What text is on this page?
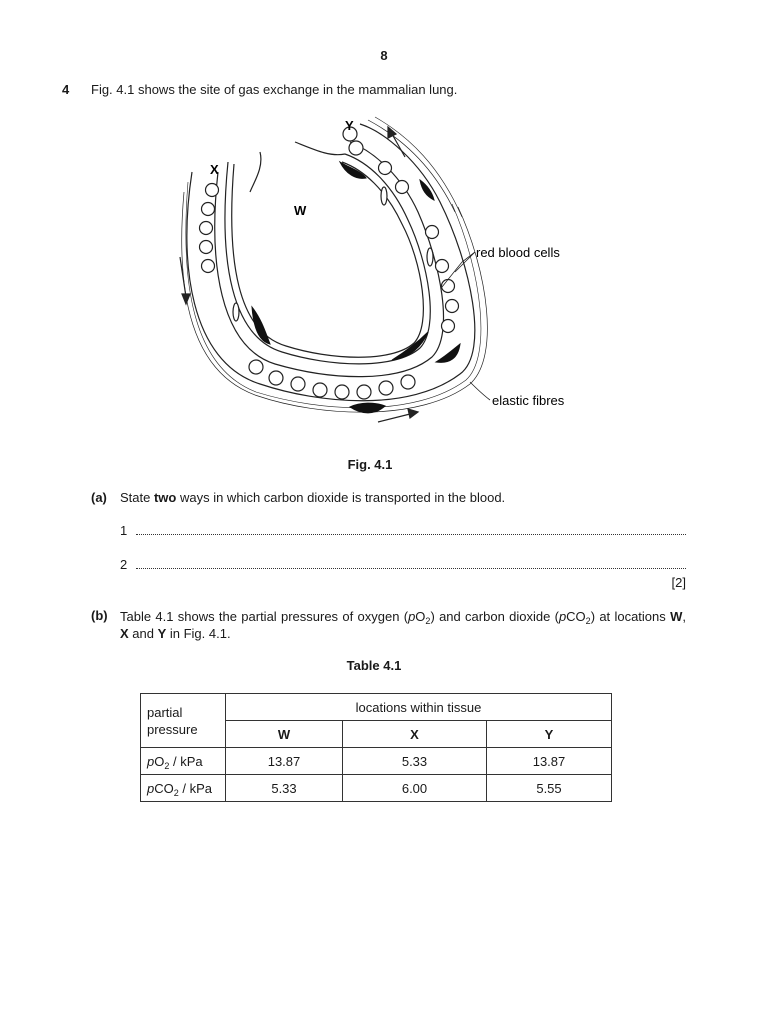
8
4 Fig. 4.1 shows the site of gas exchange in the mammalian lung.
X
Y
W
red blood cells
elastic fibres
Fig. 4.1
(a) State two ways in which carbon dioxide is transported in the blood.
1
2
[2]
(b) Table 4.1 shows the partial pressures of oxygen $(pO_2)$ and carbon dioxide (pCO$_2$) at locations W, X and Y in Fig. 4.1.
Table 4.1
partial
pressure	locations within tissue		
	W	X	Y
$pO_2$ / kPa	13.87	5.33	13.87
pCO$_2$ / kPa	5.33	6.00	5.55
